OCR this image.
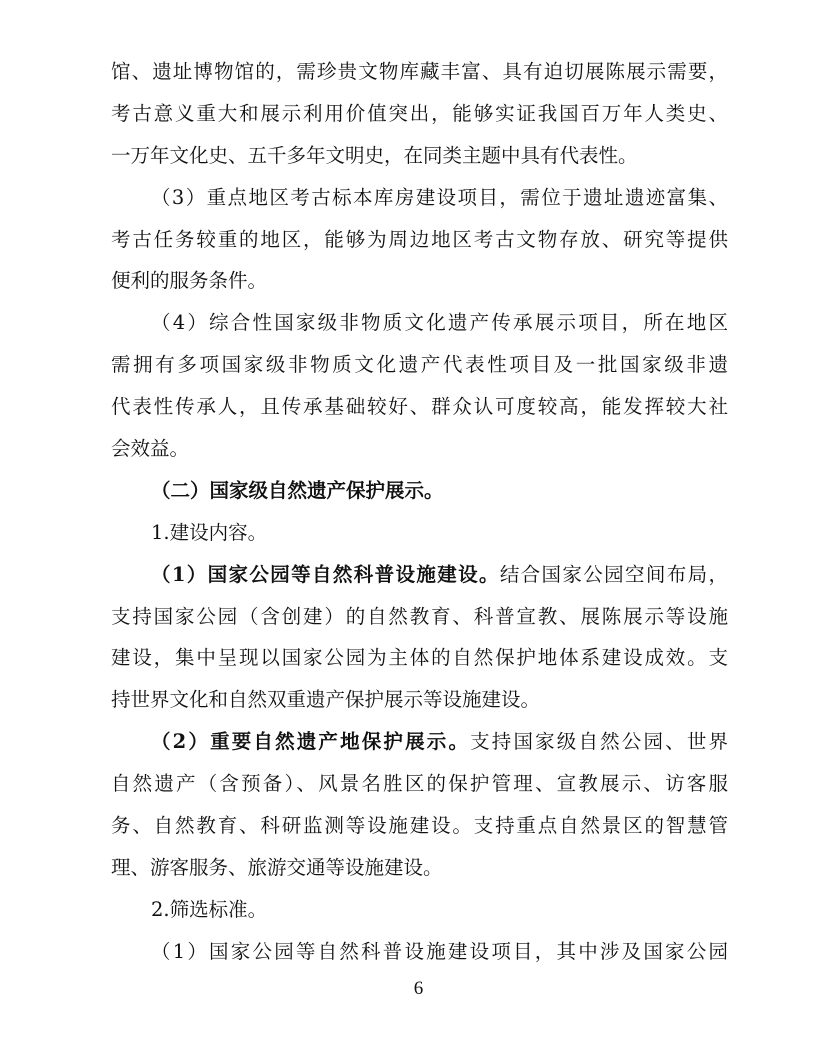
馆、遗址博物馆的，需珍贵文物库藏丰富、具有迫切展陈展示需要，
考古意义重大和展示利用价值突出，能够实证我国百万年人类史、
一万年文化史、五千多年文明史，在同类主题中具有代表性。
（3）重点地区考古标本库房建设项目，需位于遗址遗迹富集、
考古任务较重的地区，能够为周边地区考古文物存放、研究等提供
便利的服务条件。
（4）综合性国家级非物质文化遗产传承展示项目，所在地区
需拥有多项国家级非物质文化遗产代表性项目及一批国家级非遗
代表性传承人，且传承基础较好、群众认可度较高，能发挥较大社
会效益。
（二）国家级自然遗产保护展示。
1.建设内容。
（1）国家公园等自然科普设施建设。结合国家公园空间布局，
支持国家公园（含创建）的自然教育、科普宣教、展陈展示等设施
建设，集中呈现以国家公园为主体的自然保护地体系建设成效。支
持世界文化和自然双重遗产保护展示等设施建设。
（2）重要自然遗产地保护展示。支持国家级自然公园、世界
自然遗产（含预备）、风景名胜区的保护管理、宣教展示、访客服
务、自然教育、科研监测等设施建设。支持重点自然景区的智慧管
理、游客服务、旅游交通等设施建设。
2.筛选标准。
（1）国家公园等自然科普设施建设项目，其中涉及国家公园
6
